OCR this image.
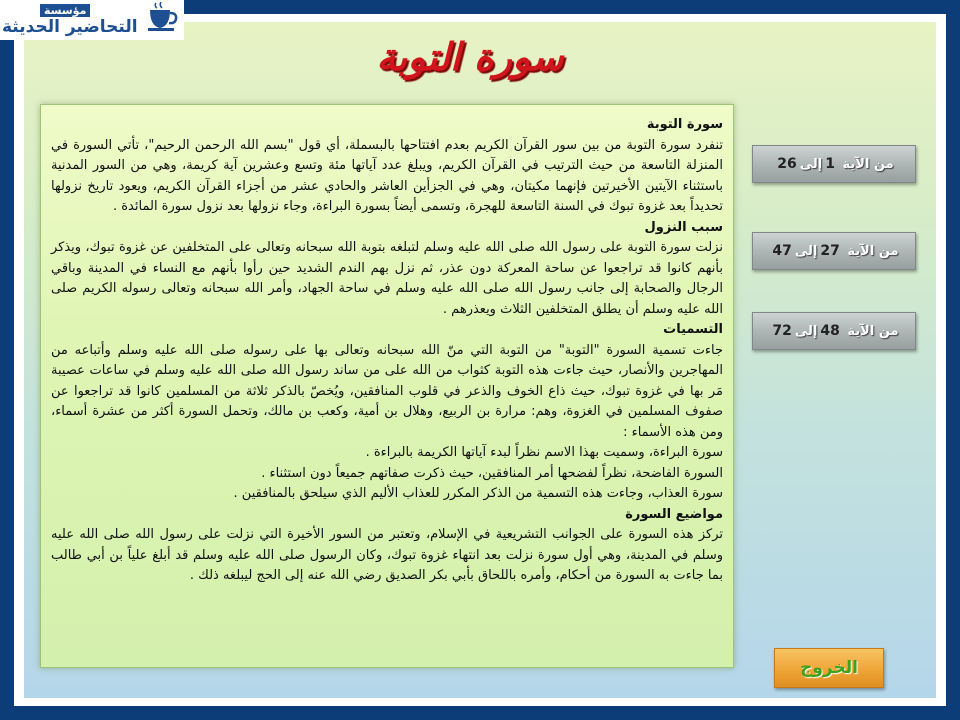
مؤسسة
التحاضير الحديثة
سورة التوبة
سورة التوبة
تنفرد سورة التوبة من بين سور القرآن الكريم بعدم افتتاحها بالبسملة، أي قول "بسم الله الرحمن الرحيم"، تأتي السورة في المنزلة التاسعة من حيث الترتيب في القرآن الكريم، ويبلغ عدد آياتها مئة وتسع وعشرين آية كريمة، وهي من السور المدنية باستثناء الآيتين الأخيرتين فإنهما مكيتان، وهي في الجزأين العاشر والحادي عشر من أجزاء القرآن الكريم، ويعود تاريخ نزولها تحديداً بعد غزوة تبوك في السنة التاسعة للهجرة، وتسمى أيضاً بسورة البراءة، وجاء نزولها بعد نزول سورة المائدة .
سبب النزول
نزلت سورة التوبة على رسول الله صلى الله عليه وسلم لتبلغه بتوبة الله سبحانه وتعالى على المتخلفين عن غزوة تبوك، ويذكر بأنهم كانوا قد تراجعوا عن ساحة المعركة دون عذر، ثم نزل بهم الندم الشديد حين رأوا بأنهم مع النساء في المدينة وباقي الرجال والصحابة إلى جانب رسول الله صلى الله عليه وسلم في ساحة الجهاد، وأمر الله سبحانه وتعالى رسوله الكريم صلى الله عليه وسلم أن يطلق المتخلفين الثلاث ويعذرهم .
التسميات
جاءت تسمية السورة "التوبة" من التوبة التي منّ الله سبحانه وتعالى بها على رسوله صلى الله عليه وسلم وأتباعه من المهاجرين والأنصار، حيث جاءت هذه التوبة كثواب من الله على من ساند رسول الله صلى الله عليه وسلم في ساعات عصيبة مَر بها في غزوة تبوك، حيث ذاع الخوف والذعر في قلوب المنافقين، ويُخصّ بالذكر ثلاثة من المسلمين كانوا قد تراجعوا عن صفوف المسلمين في الغزوة، وهم: مرارة بن الربيع، وهلال بن أمية، وكعب بن مالك، وتحمل السورة أكثر من عشرة أسماء، ومن هذه الأسماء :
سورة البراءة، وسميت بهذا الاسم نظراً لبدء آياتها الكريمة بالبراءة .
السورة الفاضحة، نظراً لفضحها أمر المنافقين، حيث ذكرت صفاتهم جميعاً دون استثناء .
سورة العذاب، وجاءت هذه التسمية من الذكر المكرر للعذاب الأليم الذي سيلحق بالمنافقين .
مواضيع السورة
تركز هذه السورة على الجوانب التشريعية في الإسلام، وتعتبر من السور الأخيرة التي نزلت على رسول الله صلى الله عليه وسلم في المدينة، وهي أول سورة نزلت بعد انتهاء غزوة تبوك، وكان الرسول صلى الله عليه وسلم قد أبلغ علياً بن أبي طالب بما جاءت به السورة من أحكام، وأمره باللحاق بأبي بكر الصديق رضي الله عنه إلى الحج ليبلغه ذلك .
من الآية

1
إلى
26
من الآية

27
إلى
47
من الآية

48
إلى
72
الخروج
